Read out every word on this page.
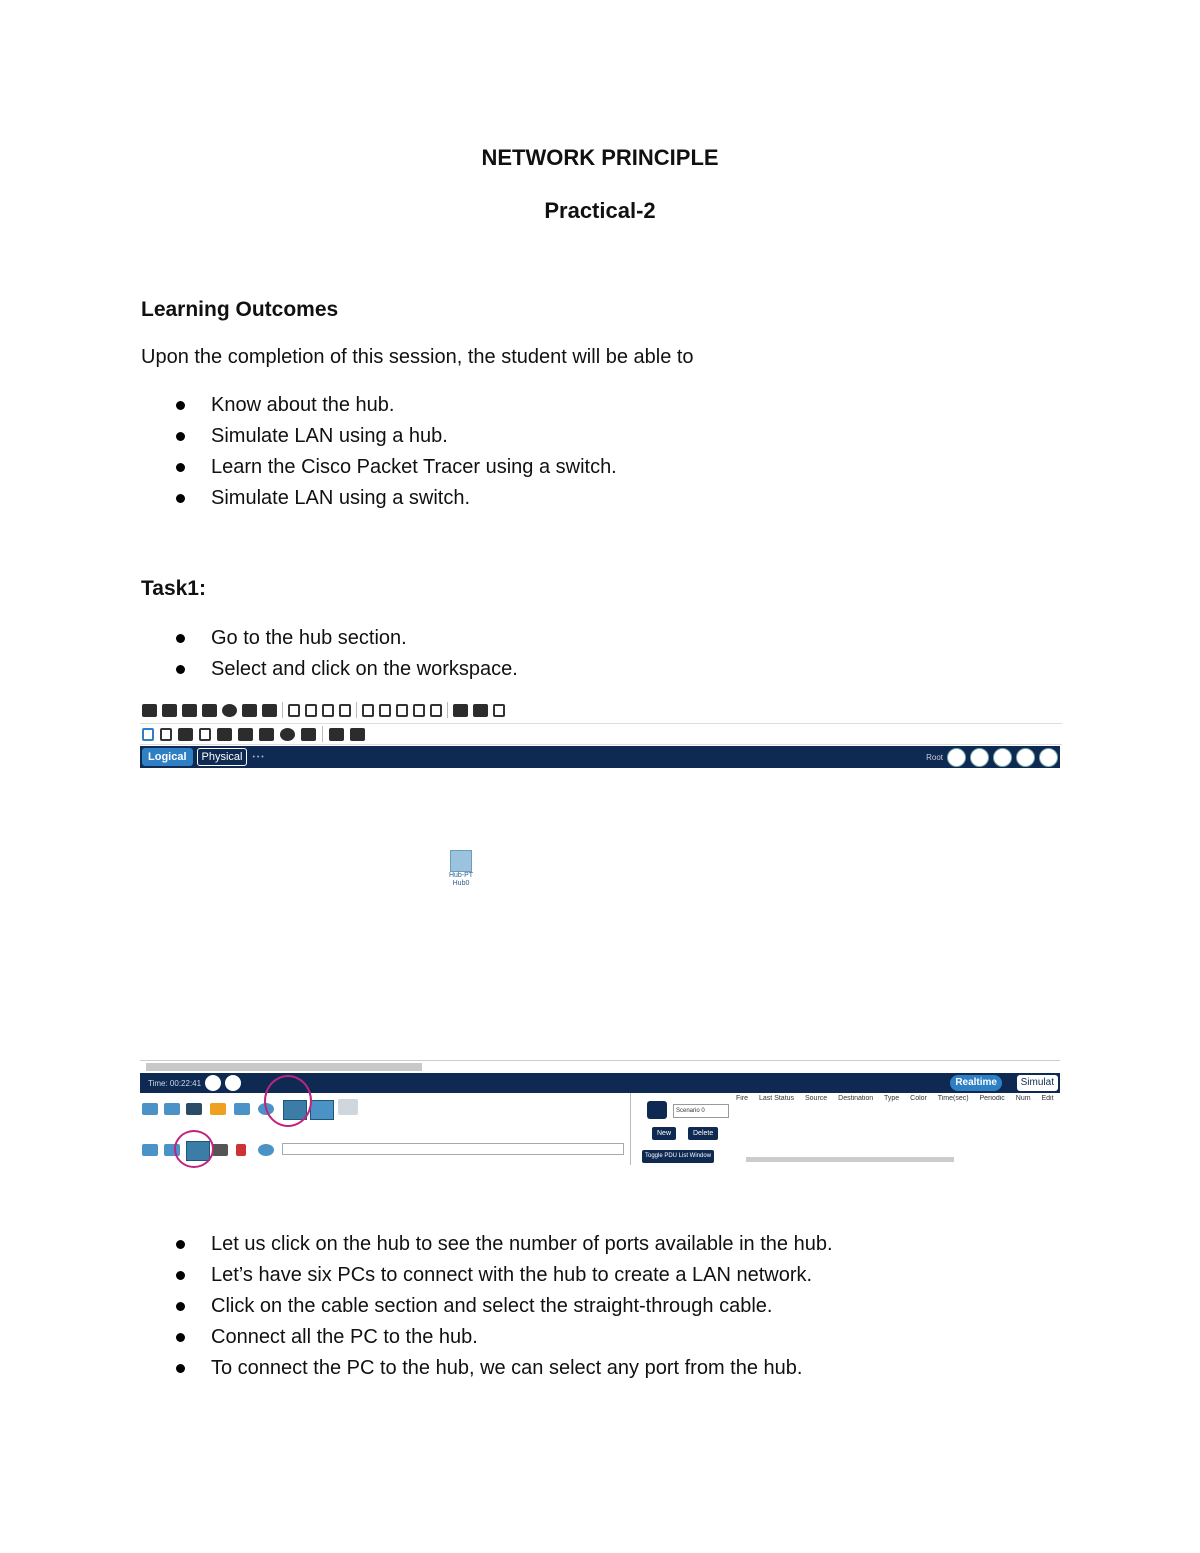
NETWORK PRINCIPLE
Practical-2
Learning Outcomes
Upon the completion of this session, the student will be able to
Know about the hub.
Simulate LAN using a hub.
Learn the Cisco Packet Tracer using a switch.
Simulate LAN using a switch.
Task1:
Go to the hub section.
Select and click on the workspace.
Logical	Physical	• • •	Root
Hub-PT Hub0
Time: 00:22:41	Realtime	Simulat
Scenario 0
New	Delete
Toggle PDU List Window
Fire Last Status Source Destination Type Color Time(sec) Periodic Num Edit
Let us click on the hub to see the number of ports available in the hub.
Let’s have six PCs to connect with the hub to create a LAN network.
Click on the cable section and select the straight-through cable.
Connect all the PC to the hub.
To connect the PC to the hub, we can select any port from the hub.
